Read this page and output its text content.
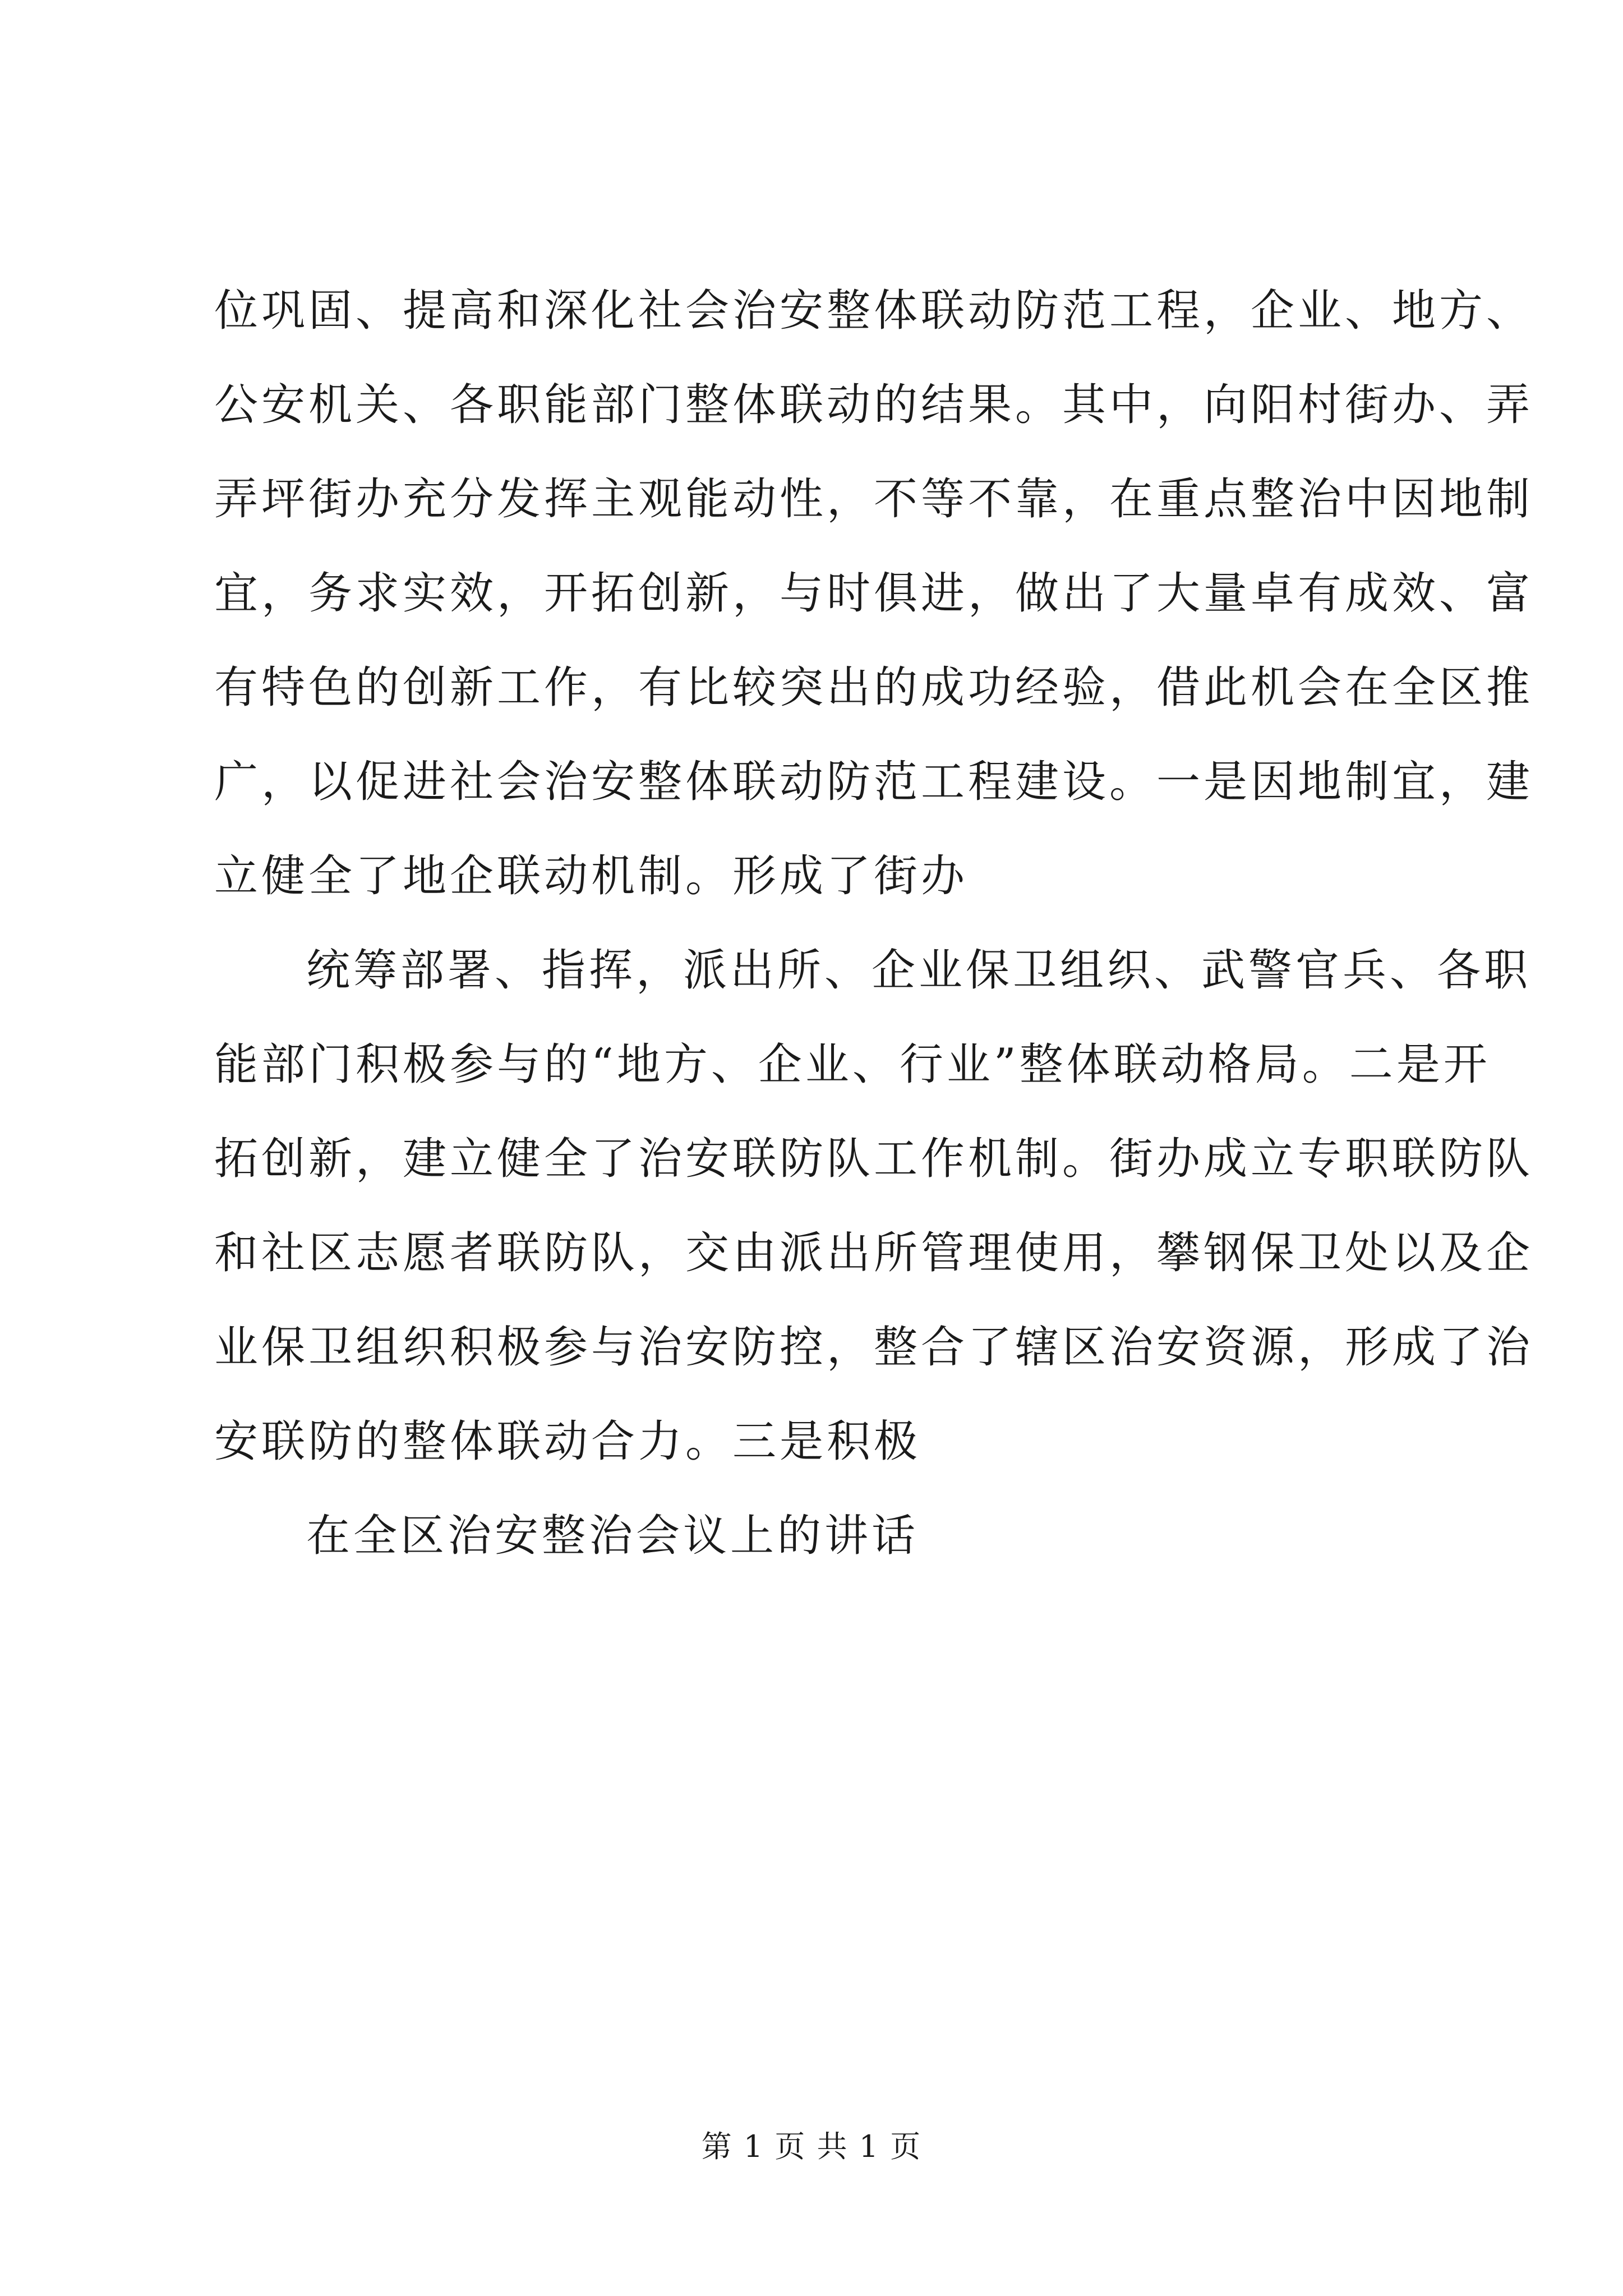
位巩固、提高和深化社会治安整体联动防范工程，企业、地方、
公安机关、各职能部门整体联动的结果。其中，向阳村街办、弄
弄坪街办充分发挥主观能动性，不等不靠，在重点整治中因地制
宜，务求实效，开拓创新，与时俱进，做出了大量卓有成效、富
有特色的创新工作，有比较突出的成功经验，借此机会在全区推
广，以促进社会治安整体联动防范工程建设。一是因地制宜，建
立健全了地企联动机制。形成了街办
统筹部署、指挥，派出所、企业保卫组织、武警官兵、各职
能部门积极参与的“地方、企业、行业”整体联动格局。二是开
拓创新，建立健全了治安联防队工作机制。街办成立专职联防队
和社区志愿者联防队，交由派出所管理使用，攀钢保卫处以及企
业保卫组织积极参与治安防控，整合了辖区治安资源，形成了治
安联防的整体联动合力。三是积极
在全区治安整治会议上的讲话
第 1 页 共 1 页
